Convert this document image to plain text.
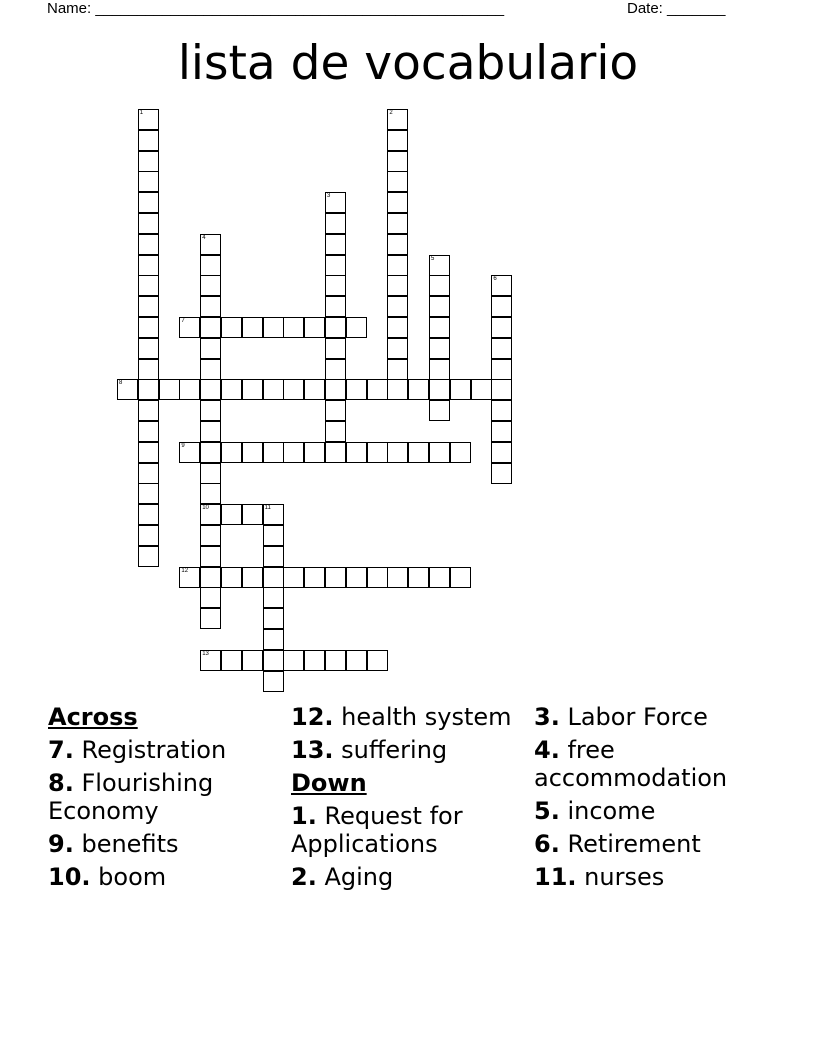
Name: _________________________________________________	Date: _______
lista de vocabulario
1	2
3
4
10
5
6
7
8
9
11
12
13
Across
7. Registration
8. Flourishing Economy
9. benefits
10. boom
12. health system
13. suffering
Down
1. Request for Applications
2. Aging
3. Labor Force
4. free accommodation
5. income
6. Retirement
11. nurses
